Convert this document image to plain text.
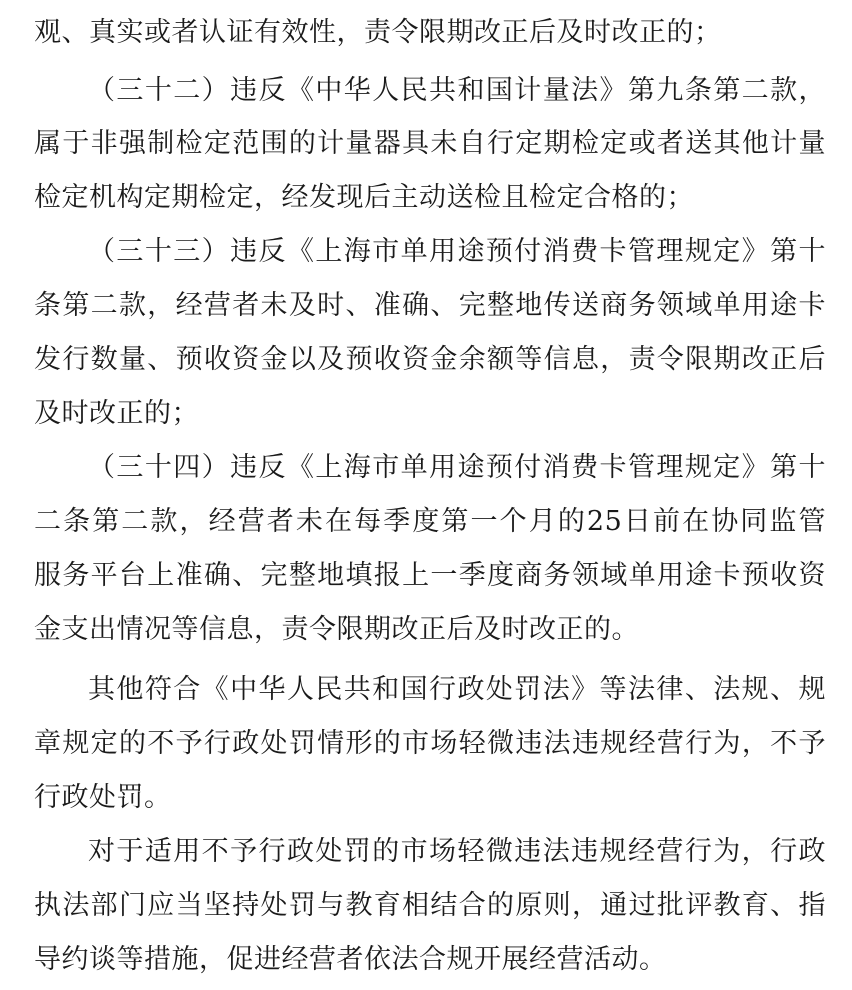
观、真实或者认证有效性，责令限期改正后及时改正的；
（三十二）违反《中华人民共和国计量法》第九条第二款，
属于非强制检定范围的计量器具未自行定期检定或者送其他计量
检定机构定期检定，经发现后主动送检且检定合格的；
（三十三）违反《上海市单用途预付消费卡管理规定》第十
条第二款，经营者未及时、准确、完整地传送商务领域单用途卡
发行数量、预收资金以及预收资金余额等信息，责令限期改正后
及时改正的；
（三十四）违反《上海市单用途预付消费卡管理规定》第十
二条第二款，经营者未在每季度第一个月的25日前在协同监管
服务平台上准确、完整地填报上一季度商务领域单用途卡预收资
金支出情况等信息，责令限期改正后及时改正的。
其他符合《中华人民共和国行政处罚法》等法律、法规、规
章规定的不予行政处罚情形的市场轻微违法违规经营行为，不予
行政处罚。
对于适用不予行政处罚的市场轻微违法违规经营行为，行政
执法部门应当坚持处罚与教育相结合的原则，通过批评教育、指
导约谈等措施，促进经营者依法合规开展经营活动。
